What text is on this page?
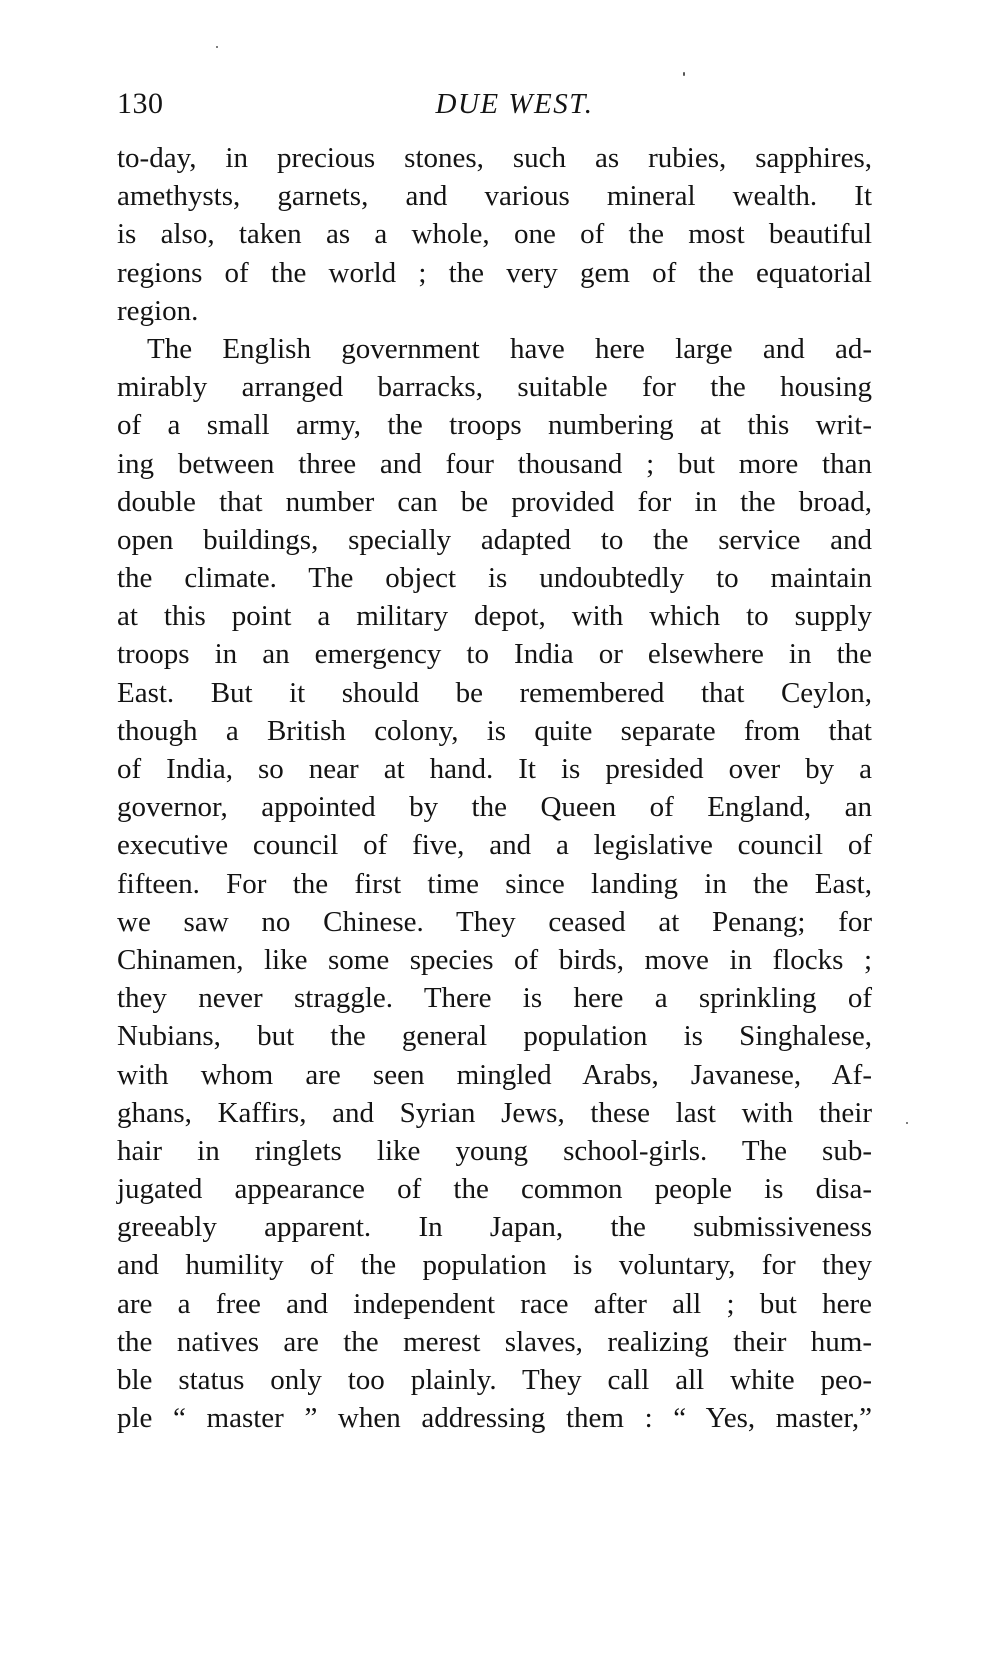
130	DUE WEST.
to-day, in precious stones, such as rubies, sapphires,
amethysts, garnets, and various mineral wealth. It
is also, taken as a whole, one of the most beautiful
regions of the world ; the very gem of the equatorial
region.
The English government have here large and ad-
mirably arranged barracks, suitable for the housing
of a small army, the troops numbering at this writ-
ing between three and four thousand ; but more than
double that number can be provided for in the broad,
open buildings, specially adapted to the service and
the climate. The object is undoubtedly to maintain
at this point a military depot, with which to supply
troops in an emergency to India or elsewhere in the
East. But it should be remembered that Ceylon,
though a British colony, is quite separate from that
of India, so near at hand. It is presided over by a
governor, appointed by the Queen of England, an
executive council of five, and a legislative council of
fifteen. For the first time since landing in the East,
we saw no Chinese. They ceased at Penang; for
Chinamen, like some species of birds, move in flocks ;
they never straggle. There is here a sprinkling of
Nubians, but the general population is Singhalese,
with whom are seen mingled Arabs, Javanese, Af-
ghans, Kaffirs, and Syrian Jews, these last with their
hair in ringlets like young school-girls. The sub-
jugated appearance of the common people is disa-
greeably apparent. In Japan, the submissiveness
and humility of the population is voluntary, for they
are a free and independent race after all ; but here
the natives are the merest slaves, realizing their hum-
ble status only too plainly. They call all white peo-
ple “ master ” when addressing them : “ Yes, master,”
